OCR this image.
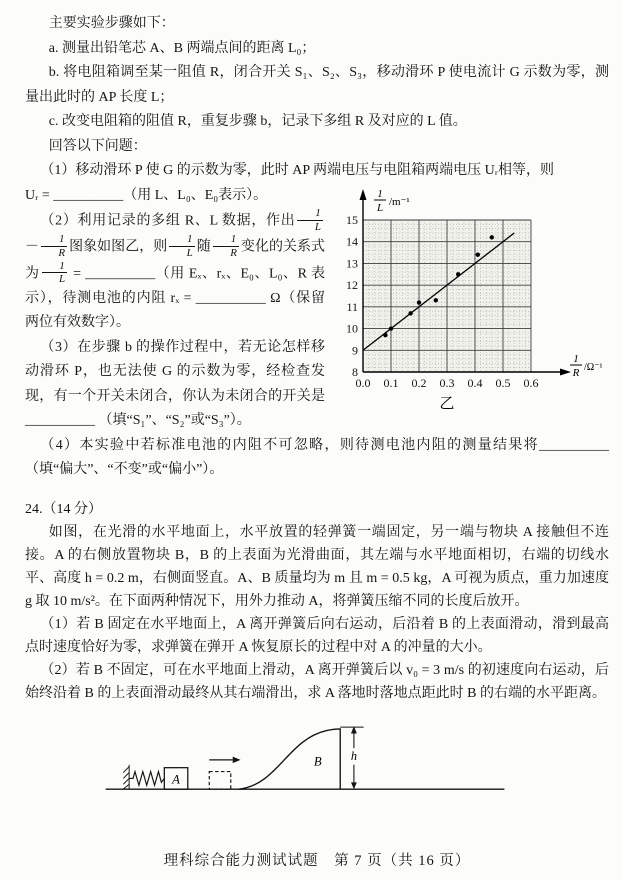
主要实验步骤如下：

a. 测量出铅笔芯 A、B 两端点间的距离 L₀；

b. 将电阻箱调至某一阻值 R，闭合开关 S₁、S₂、S₃，移动滑环 P 使电流计 G 示数为零，测量出此时的 AP 长度 L；

c. 改变电阻箱的阻值 R，重复步骤 b，记录下多组 R 及对应的 L 值。

回答以下问题：

（1）移动滑环 P 使 G 的示数为零，此时 AP 两端电压与电阻箱两端电压 Uᵣ相等，则

0.0 0.1 0.2 0.3 0.4 0.5 0.6
8
9
10
11
12
13
14
15
1
L /m⁻¹
1
R /Ω⁻¹
乙

Uᵣ = __________（用 L、L₀、E₀表示）。

（2）利用记录的多组 R、L 数据，作出 $\frac{1}{L}$
－ $\frac{1}{R}$ 图象如图乙，则 $\frac{1}{L}$ 随 $\frac{1}{R}$ 变化的关系式为 $\frac{1}{L}$ = __________（用 Eₓ、rₓ、E₀、L₀、R 表示），待测电池的内阻 rₓ = __________ Ω（保留两位有效数字）。

（3）在步骤 b 的操作过程中，若无论怎样移动滑环 P，也无法使 G 的示数为零，经检查发现，有一个开关未闭合，你认为未闭合的开关是__________ （填“S₁”、“S₂”或“S₃”）。

（4）本实验中若标准电池的内阻不可忽略，则待测电池内阻的测量结果将__________（填“偏大”、“不变”或“偏小”）。

24.（14 分）

如图，在光滑的水平地面上，水平放置的轻弹簧一端固定，另一端与物块 A 接触但不连接。A 的右侧放置物块 B，B 的上表面为光滑曲面，其左端与水平地面相切，右端的切线水平、高度 h = 0.2 m，右侧面竖直。A、B 质量均为 m 且 m = 0.5 kg，A 可视为质点，重力加速度 g 取 10 m/s²。在下面两种情况下，用外力推动 A，将弹簧压缩不同的长度后放开。

（1）若 B 固定在水平地面上，A 离开弹簧后向右运动，后沿着 B 的上表面滑动，滑到最高点时速度恰好为零，求弹簧在弹开 A 恢复原长的过程中对 A 的冲量的大小。

（2）若 B 不固定，可在水平地面上滑动，A 离开弹簧后以 v₀ = 3 m/s 的初速度向右运动，后始终沿着 B 的上表面滑动最终从其右端滑出，求 A 落地时落地点距此时 B 的右端的水平距离。

A
B h
理科综合能力测试试题　第 7 页（共 16 页）
